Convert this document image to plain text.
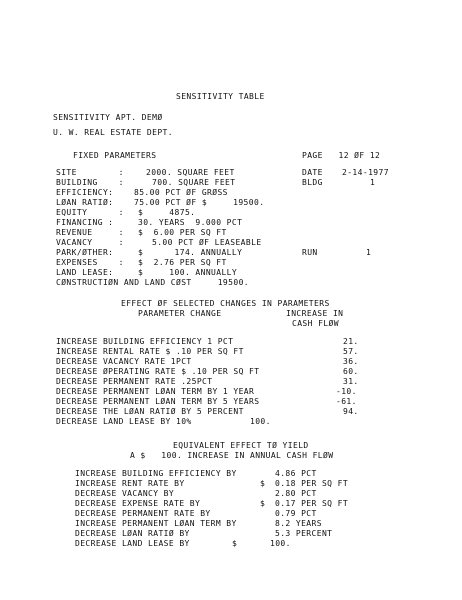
SENSITIVITY TABLE
SENSITIVITY APT. DEMØ
U. W. REAL ESTATE DEPT.
FIXED PARAMETERS	PAGE   12 ØF 12
SITE        :	2000. SQUARE FEET
BUILDING    :	700. SQUARE FEET
EFFICIENCY:	85.00 PCT ØF GRØSS
LØAN RATIØ:	75.00 PCT ØF $     19500.
EQUITY      : $     4875.
FINANCING :	30. YEARS  9.000 PCT
REVENUE     : $  6.00 PER SQ FT
VACANCY     :	5.00 PCT ØF LEASEABLE
PARK/ØTHER:	$      174. ANNUALLY
EXPENSES    : $  2.76 PER SQ FT
LAND LEASE:	$     100. ANNUALLY
CØNSTRUCTIØN AND LAND CØST     19500.
DATE 2-14-1977
BLDG	1
RUN	1
EFFECT ØF SELECTED CHANGES IN PARAMETERS
PARAMETER CHANGE	INCREASE IN
CASH FLØW
INCREASE BUILDING EFFICIENCY 1 PCT	21.
INCREASE RENTAL RATE $ .10 PER SQ FT	57.
DECREASE VACANCY RATE 1PCT	36.
DECREASE ØPERATING RATE $ .10 PER SQ FT	60.
DECREASE PERMANENT RATE .25PCT	31.
DECREASE PERMANENT LØAN TERM BY 1 YEAR	-10.
DECREASE PERMANENT LØAN TERM BY 5 YEARS	-61.
DECREASE THE LØAN RATIØ BY 5 PERCENT	94.
DECREASE LAND LEASE BY 10%	100.
EQUIVALENT EFFECT TØ YIELD
A $   100. INCREASE IN ANNUAL CASH FLØW
INCREASE BUILDING EFFICIENCY BY	4.86 PCT
INCREASE RENT RATE BY	$ 0.18 PER SQ FT
DECREASE VACANCY BY	2.80 PCT
DECREASE EXPENSE RATE BY	$ 0.17 PER SQ FT
DECREASE PERMANENT RATE BY	0.79 PCT
INCREASE PERMANENT LØAN TERM BY	8.2 YEARS
DECREASE LØAN RATIØ BY	5.3 PERCENT
DECREASE LAND LEASE BY	$	100.
